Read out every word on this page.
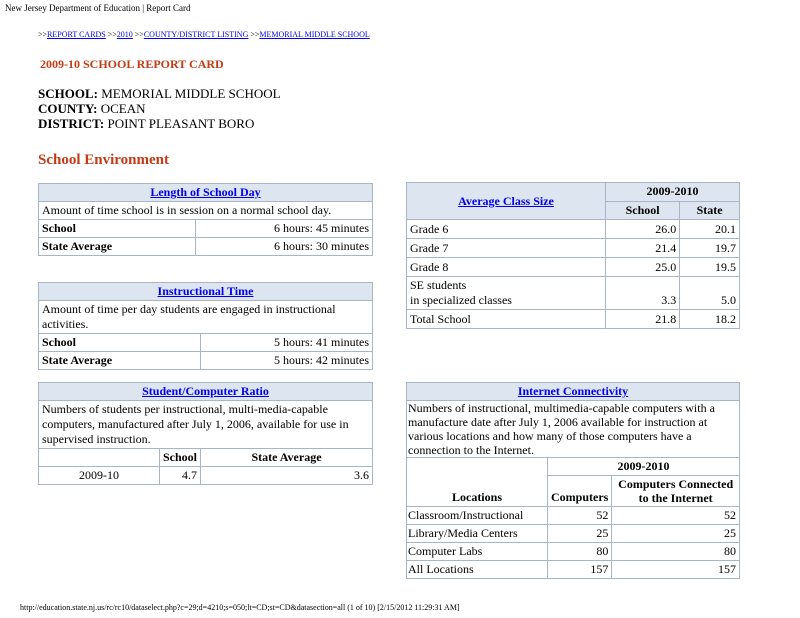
New Jersey Department of Education | Report Card
>>REPORT CARDS >>2010 >>COUNTY/DISTRICT LISTING >>MEMORIAL MIDDLE SCHOOL
2009-10 SCHOOL REPORT CARD
SCHOOL: MEMORIAL MIDDLE SCHOOL
COUNTY: OCEAN
DISTRICT: POINT PLEASANT BORO
School Environment
Length of School Day	
Amount of time school is in session on a normal school day.	
School	6 hours: 45 minutes
State Average	6 hours: 30 minutes
Instructional Time	
Amount of time per day students are engaged in instructional activities.	
School	5 hours: 41 minutes
State Average	5 hours: 42 minutes
Student/Computer Ratio		
Numbers of students per instructional, multi-media-capable computers, manufactured after July 1, 2006, available for use in supervised instruction.		
	School	State Average
2009-10	4.7	3.6
Average Class Size	2009-2010	
	School	State
Grade 6	26.0	20.1
Grade 7	21.4	19.7
Grade 8	25.0	19.5
SE students
in specialized classes	3.3	5.0
Total School	21.8	18.2
Internet Connectivity		
Numbers of instructional, multimedia-capable computers with a manufacture date after July 1, 2006 available for instruction at various locations and how many of those computers have a connection to the Internet.		
Locations	2009-2010	
	Computers	Computers Connected to the Internet
Classroom/Instructional	52	52
Library/Media Centers	25	25
Computer Labs	80	80
All Locations	157	157
http://education.state.nj.us/rc/rc10/dataselect.php?c=29;d=4210;s=050;lt=CD;st=CD&datasection=all (1 of 10) [2/15/2012 11:29:31 AM]
